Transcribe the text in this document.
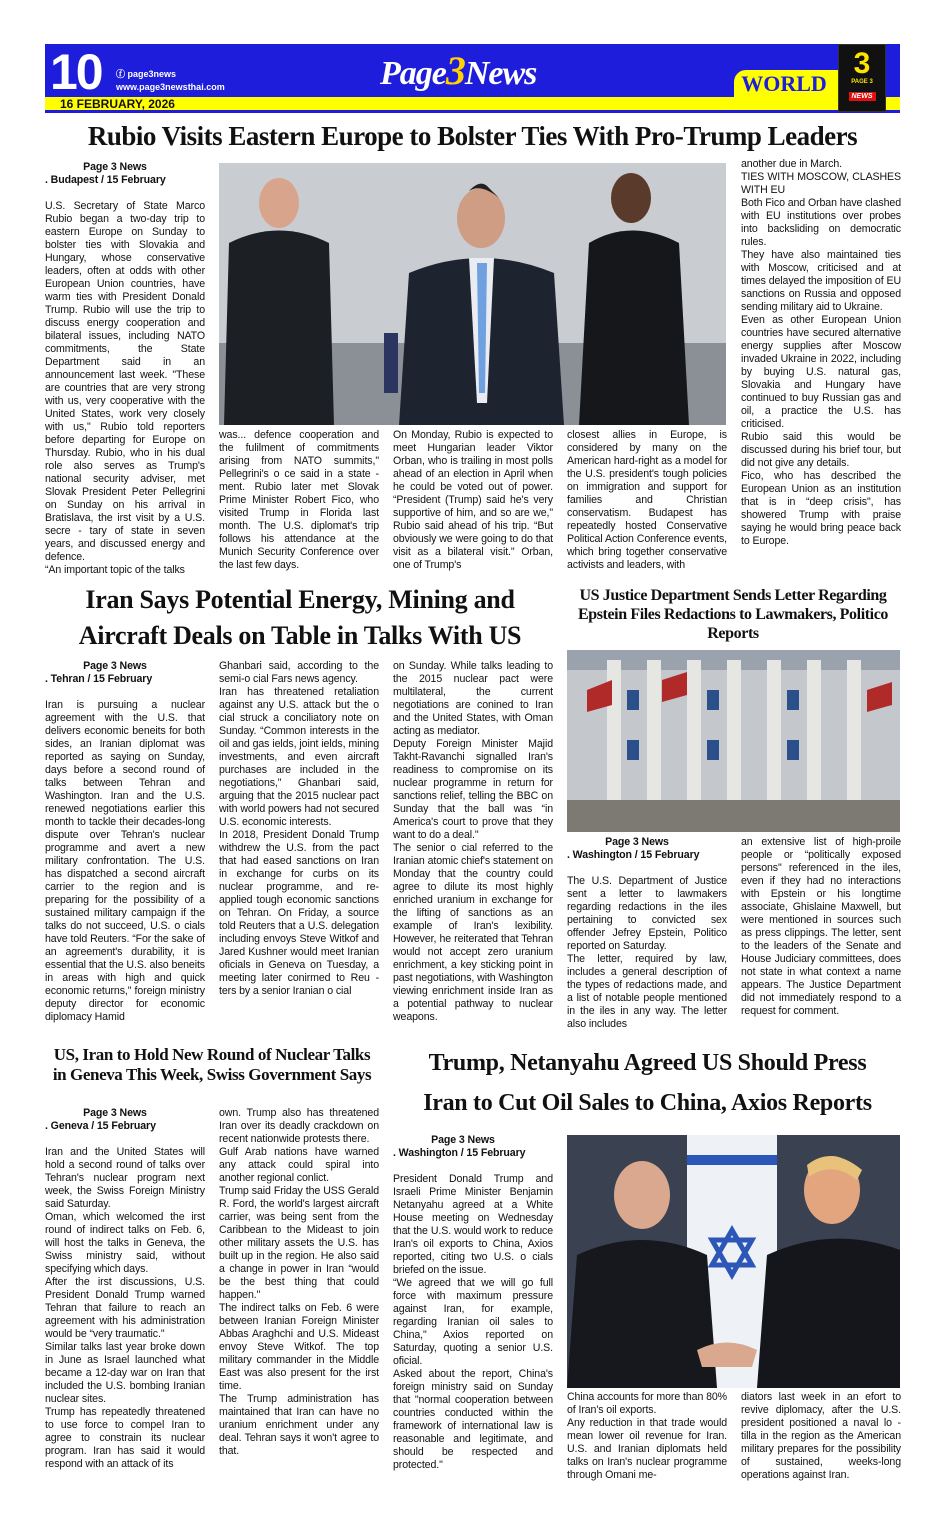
10 ⓕ page3news
www.page3newsthai.com
16 FEBRUARY, 2026
Page3News	WORLD
3
PAGE 3
NEWS
Rubio Visits Eastern Europe to Bolster Ties With Pro-Trump Leaders
Page 3 News
. Budapest / 15 February

U.S. Secretary of State Marco Rubio began a two-day trip to eastern Europe on Sunday to bolster ties with Slovakia and Hungary, whose conservative leaders, often at odds with other European Union countries, have warm ties with President Donald Trump. Rubio will use the trip to discuss energy cooperation and bilateral issues, including NATO commitments, the State Department said in an announcement last week. "These are countries that are very strong with us, very cooperative with the United States, work very closely with us," Rubio told reporters before departing for Europe on Thursday. Rubio, who in his dual role also serves as Trump's national security adviser, met Slovak President Peter Pellegrini on Sunday on his arrival in Bratislava, the irst visit by a U.S. secre - tary of state in seven years, and discussed energy and defence.

“An important topic of the talks

was... defence cooperation and the fulilment of commitments arising from NATO summits," Pellegrini's o ce said in a state - ment. Rubio later met Slovak Prime Minister Robert Fico, who visited Trump in Florida last month. The U.S. diplomat's trip follows his attendance at the Munich Security Conference over the last few days.

On Monday, Rubio is expected to meet Hungarian leader Viktor Orban, who is trailing in most polls ahead of an election in April when he could be voted out of power. “President (Trump) said he's very supportive of him, and so are we," Rubio said ahead of his trip. “But obviously we were going to do that visit as a bilateral visit." Orban, one of Trump's

closest allies in Europe, is considered by many on the American hard-right as a model for the U.S. president's tough policies on immigration and support for families and Christian conservatism. Budapest has repeatedly hosted Conservative Political Action Conference events, which bring together conservative activists and leaders, with

another due in March.

TIES WITH MOSCOW, CLASHES WITH EU

Both Fico and Orban have clashed with EU institutions over probes into backsliding on democratic rules.

They have also maintained ties with Moscow, criticised and at times delayed the imposition of EU sanctions on Russia and opposed sending military aid to Ukraine.

Even as other European Union countries have secured alternative energy supplies after Moscow invaded Ukraine in 2022, including by buying U.S. natural gas, Slovakia and Hungary have continued to buy Russian gas and oil, a practice the U.S. has criticised.

Rubio said this would be discussed during his brief tour, but did not give any details.

Fico, who has described the European Union as an institution that is in “deep crisis", has showered Trump with praise saying he would bring peace back to Europe.

Iran Says Potential Energy, Mining and
Aircraft Deals on Table in Talks With US
Page 3 News
. Tehran / 15 February

Iran is pursuing a nuclear agreement with the U.S. that delivers economic beneits for both sides, an Iranian diplomat was reported as saying on Sunday, days before a second round of talks between Tehran and Washington. Iran and the U.S. renewed negotiations earlier this month to tackle their decades-long dispute over Tehran's nuclear programme and avert a new military confrontation. The U.S. has dispatched a second aircraft carrier to the region and is preparing for the possibility of a sustained military campaign if the talks do not succeed, U.S. o cials have told Reuters. “For the sake of an agreement's durability, it is essential that the U.S. also beneits in areas with high and quick economic returns," foreign ministry deputy director for economic diplomacy Hamid

Ghanbari said, according to the semi-o cial Fars news agency.

Iran has threatened retaliation against any U.S. attack but the o cial struck a conciliatory note on Sunday. “Common interests in the oil and gas ields, joint ields, mining investments, and even aircraft purchases are included in the negotiations," Ghanbari said, arguing that the 2015 nuclear pact with world powers had not secured U.S. economic interests.

In 2018, President Donald Trump withdrew the U.S. from the pact that had eased sanctions on Iran in exchange for curbs on its nuclear programme, and re-applied tough economic sanctions on Tehran. On Friday, a source told Reuters that a U.S. delegation including envoys Steve Witkof and Jared Kushner would meet Iranian oficials in Geneva on Tuesday, a meeting later conirmed to Reu - ters by a senior Iranian o cial

on Sunday. While talks leading to the 2015 nuclear pact were multilateral, the current negotiations are conined to Iran and the United States, with Oman acting as mediator.

Deputy Foreign Minister Majid Takht-Ravanchi signalled Iran's readiness to compromise on its nuclear programme in return for sanctions relief, telling the BBC on Sunday that the ball was “in America's court to prove that they want to do a deal."

The senior o cial referred to the Iranian atomic chief's statement on Monday that the country could agree to dilute its most highly enriched uranium in exchange for the lifting of sanctions as an example of Iran's lexibility. However, he reiterated that Tehran would not accept zero uranium enrichment, a key sticking point in past negotiations, with Washington viewing enrichment inside Iran as a potential pathway to nuclear weapons.

US Justice Department Sends Letter Regarding
Epstein Files Redactions to Lawmakers, Politico Reports
Page 3 News
. Washington / 15 February

The U.S. Department of Justice sent a letter to lawmakers regarding redactions in the iles pertaining to convicted sex offender Jefrey Epstein, Politico reported on Saturday.

The letter, required by law, includes a general description of the types of redactions made, and a list of notable people mentioned in the iles in any way. The letter also includes

an extensive list of high-proile people or “politically exposed persons" referenced in the iles, even if they had no interactions with Epstein or his longtime associate, Ghislaine Maxwell, but were mentioned in sources such as press clippings. The letter, sent to the leaders of the Senate and House Judiciary committees, does not state in what context a name appears. The Justice Department did not immediately respond to a request for comment.

US, Iran to Hold New Round of Nuclear Talks
in Geneva This Week, Swiss Government Says
Page 3 News
. Geneva / 15 February

Iran and the United States will hold a second round of talks over Tehran's nuclear program next week, the Swiss Foreign Ministry said Saturday.

Oman, which welcomed the irst round of indirect talks on Feb. 6, will host the talks in Geneva, the Swiss ministry said, without specifying which days.

After the irst discussions, U.S. President Donald Trump warned Tehran that failure to reach an agreement with his administration would be “very traumatic."

Similar talks last year broke down in June as Israel launched what became a 12-day war on Iran that included the U.S. bombing Iranian nuclear sites.

Trump has repeatedly threatened to use force to compel Iran to agree to constrain its nuclear program. Iran has said it would respond with an attack of its

own. Trump also has threatened Iran over its deadly crackdown on recent nationwide protests there.

Gulf Arab nations have warned any attack could spiral into another regional conlict.

Trump said Friday the USS Gerald R. Ford, the world's largest aircraft carrier, was being sent from the Caribbean to the Mideast to join other military assets the U.S. has built up in the region. He also said a change in power in Iran “would be the best thing that could happen."

The indirect talks on Feb. 6 were between Iranian Foreign Minister Abbas Araghchi and U.S. Mideast envoy Steve Witkof. The top military commander in the Middle East was also present for the irst time.

The Trump administration has maintained that Iran can have no uranium enrichment under any deal. Tehran says it won't agree to that.

Trump, Netanyahu Agreed US Should Press
Iran to Cut Oil Sales to China, Axios Reports
Page 3 News
. Washington / 15 February

President Donald Trump and Israeli Prime Minister Benjamin Netanyahu agreed at a White House meeting on Wednesday that the U.S. would work to reduce Iran's oil exports to China, Axios reported, citing two U.S. o cials briefed on the issue.

“We agreed that we will go full force with maximum pressure against Iran, for example, regarding Iranian oil sales to China," Axios reported on Saturday, quoting a senior U.S. oficial.

Asked about the report, China's foreign ministry said on Sunday that "normal cooperation between countries conducted within the framework of international law is reasonable and legitimate, and should be respected and protected."

China accounts for more than 80% of Iran's oil exports.

Any reduction in that trade would mean lower oil revenue for Iran. U.S. and Iranian diplomats held talks on Iran's nuclear programme through Omani me-

diators last week in an efort to revive diplomacy, after the U.S. president positioned a naval lo - tilla in the region as the American military prepares for the possibility of sustained, weeks-long operations against Iran.
